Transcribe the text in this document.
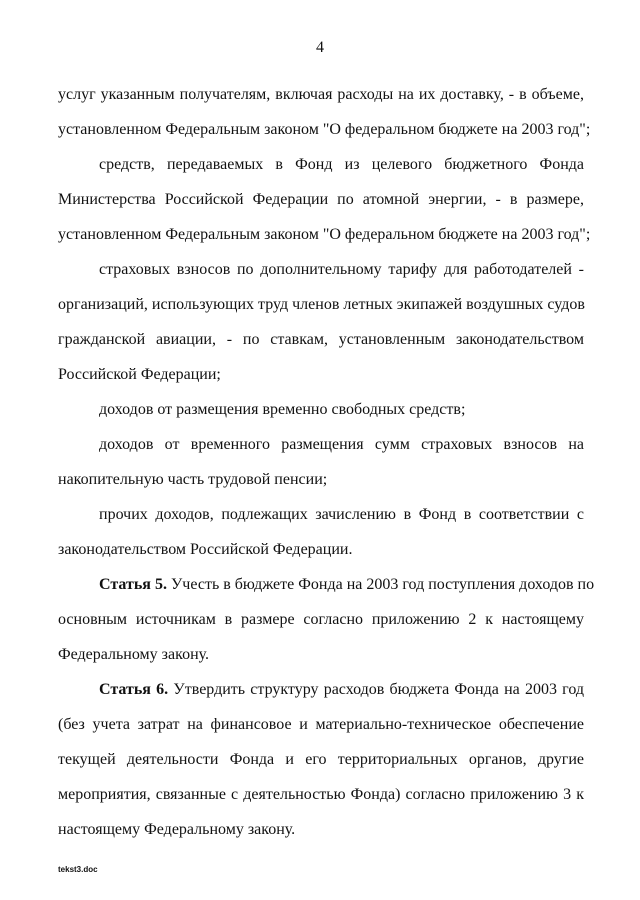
4
услуг указанным получателям, включая расходы на их доставку, - в объеме,
установленном Федеральным законом "О федеральном бюджете на 2003 год";
средств, передаваемых в Фонд из целевого бюджетного Фонда
Министерства Российской Федерации по атомной энергии, - в размере,
установленном Федеральным законом "О федеральном бюджете на 2003 год";
страховых взносов по дополнительному тарифу для работодателей -
организаций, использующих труд членов летных экипажей воздушных судов
гражданской авиации, - по ставкам, установленным законодательством
Российской Федерации;
доходов от размещения временно свободных средств;
доходов от временного размещения сумм страховых взносов на
накопительную часть трудовой пенсии;
прочих доходов, подлежащих зачислению в Фонд в соответствии с
законодательством Российской Федерации.
Статья 5. Учесть в бюджете Фонда на 2003 год поступления доходов по
основным источникам в размере согласно приложению 2 к настоящему
Федеральному закону.
Статья 6. Утвердить структуру расходов бюджета Фонда на 2003 год
(без учета затрат на финансовое и материально-техническое обеспечение
текущей деятельности Фонда и его территориальных органов, другие
мероприятия, связанные с деятельностью Фонда) согласно приложению 3 к
настоящему Федеральному закону.
tekst3.doc
